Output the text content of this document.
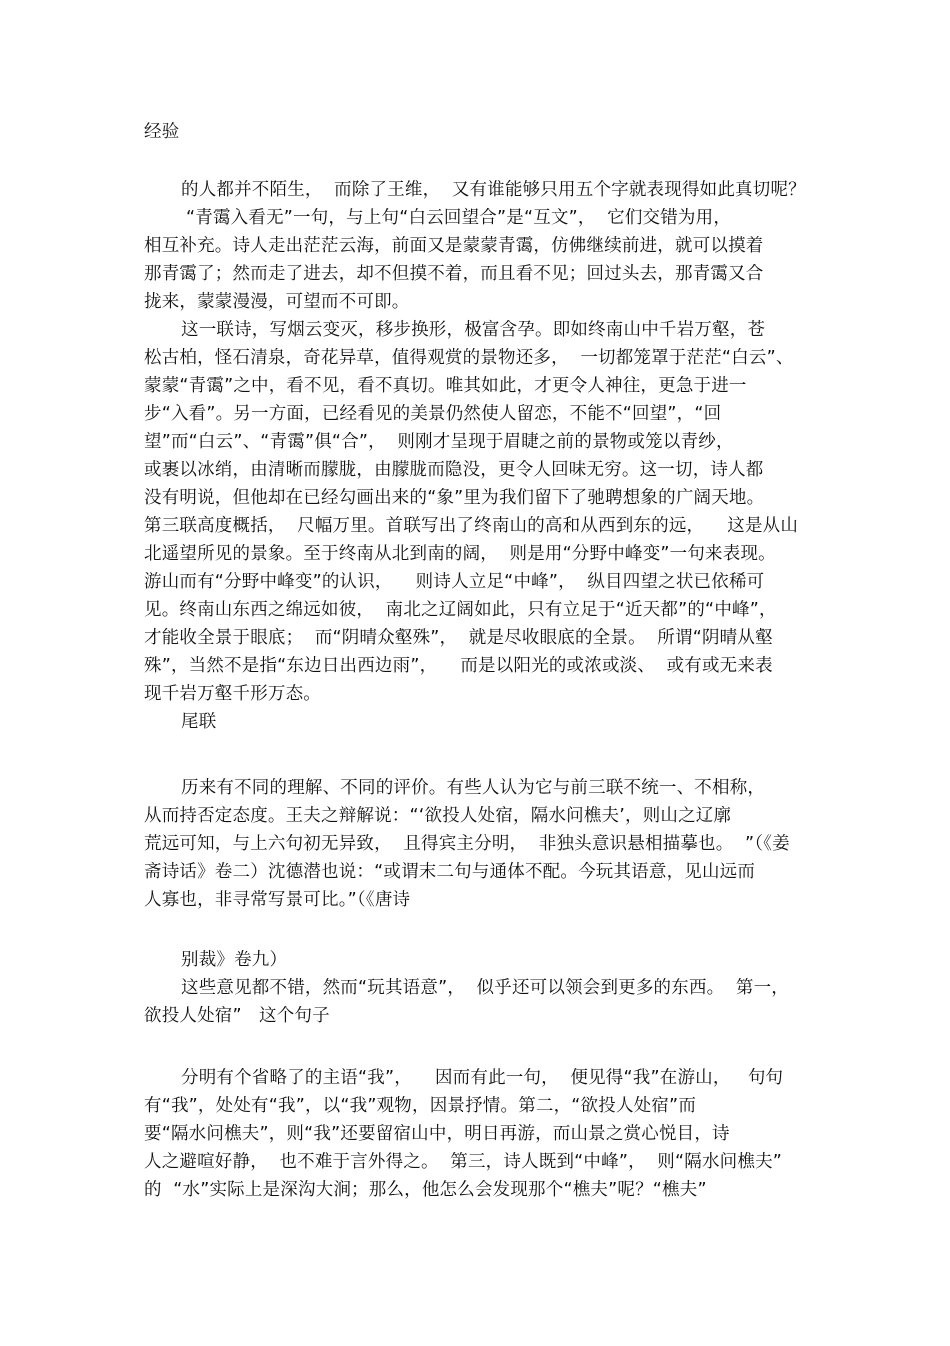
经验
的人都并不陌生，  而除了王维，  又有谁能够只用五个字就表现得如此真切呢？
“青霭入看无”一句，与上句“白云回望合”是“互文”，  它们交错为用，
相互补充。诗人走出茫茫云海，前面又是蒙蒙青霭，仿佛继续前进，就可以摸着
那青霭了；然而走了进去，却不但摸不着，而且看不见；回过头去，那青霭又合
拢来，蒙蒙漫漫，可望而不可即。
这一联诗，写烟云变灭，移步换形，极富含孕。即如终南山中千岩万壑，苍
松古柏，怪石清泉，奇花异草，值得观赏的景物还多，  一切都笼罩于茫茫“白云”、
蒙蒙“青霭”之中，看不见，看不真切。唯其如此，才更令人神往，更急于进一
步“入看”。另一方面，已经看见的美景仍然使人留恋，不能不“回望”，“回
望”而“白云”、“青霭”俱“合”，  则刚才呈现于眉睫之前的景物或笼以青纱，
或裹以冰绡，由清晰而朦胧，由朦胧而隐没，更令人回味无穷。这一切，诗人都
没有明说，但他却在已经勾画出来的“象”里为我们留下了驰聘想象的广阔天地。
第三联高度概括，  尺幅万里。首联写出了终南山的高和从西到东的远，    这是从山
北遥望所见的景象。至于终南从北到南的阔，  则是用“分野中峰变”一句来表现。
游山而有“分野中峰变”的认识，    则诗人立足“中峰”，  纵目四望之状已依稀可
见。终南山东西之绵远如彼，  南北之辽阔如此，只有立足于“近天都”的“中峰”，
才能收全景于眼底；  而“阴晴众壑殊”，  就是尽收眼底的全景。  所谓“阴晴从壑
殊”，当然不是指“东边日出西边雨”，    而是以阳光的或浓或淡、  或有或无来表
现千岩万壑千形万态。
尾联
历来有不同的理解、不同的评价。有些人认为它与前三联不统一、不相称，
从而持否定态度。王夫之辩解说：“‘欲投人处宿，隔水问樵夫’，则山之辽廓
荒远可知，与上六句初无异致，  且得宾主分明，  非独头意识悬相描摹也。  ”（《姜
斋诗话》卷二）沈德潜也说：“或谓末二句与通体不配。今玩其语意，见山远而
人寡也，非寻常写景可比。”（《唐诗
别裁》卷九）
这些意见都不错，然而“玩其语意”，  似乎还可以领会到更多的东西。  第一，
欲投人处宿”   这个句子
分明有个省略了的主语“我”，    因而有此一句，  便见得“我”在游山，   句句
有“我”，处处有“我”，以“我”观物，因景抒情。第二，“欲投人处宿”而
要“隔水问樵夫”，则“我”还要留宿山中，明日再游，而山景之赏心悦目，诗
人之避喧好静，  也不难于言外得之。  第三，诗人既到“中峰”，  则“隔水问樵夫”
的  “水”实际上是深沟大涧；那么，他怎么会发现那个“樵夫”呢？“樵夫”
